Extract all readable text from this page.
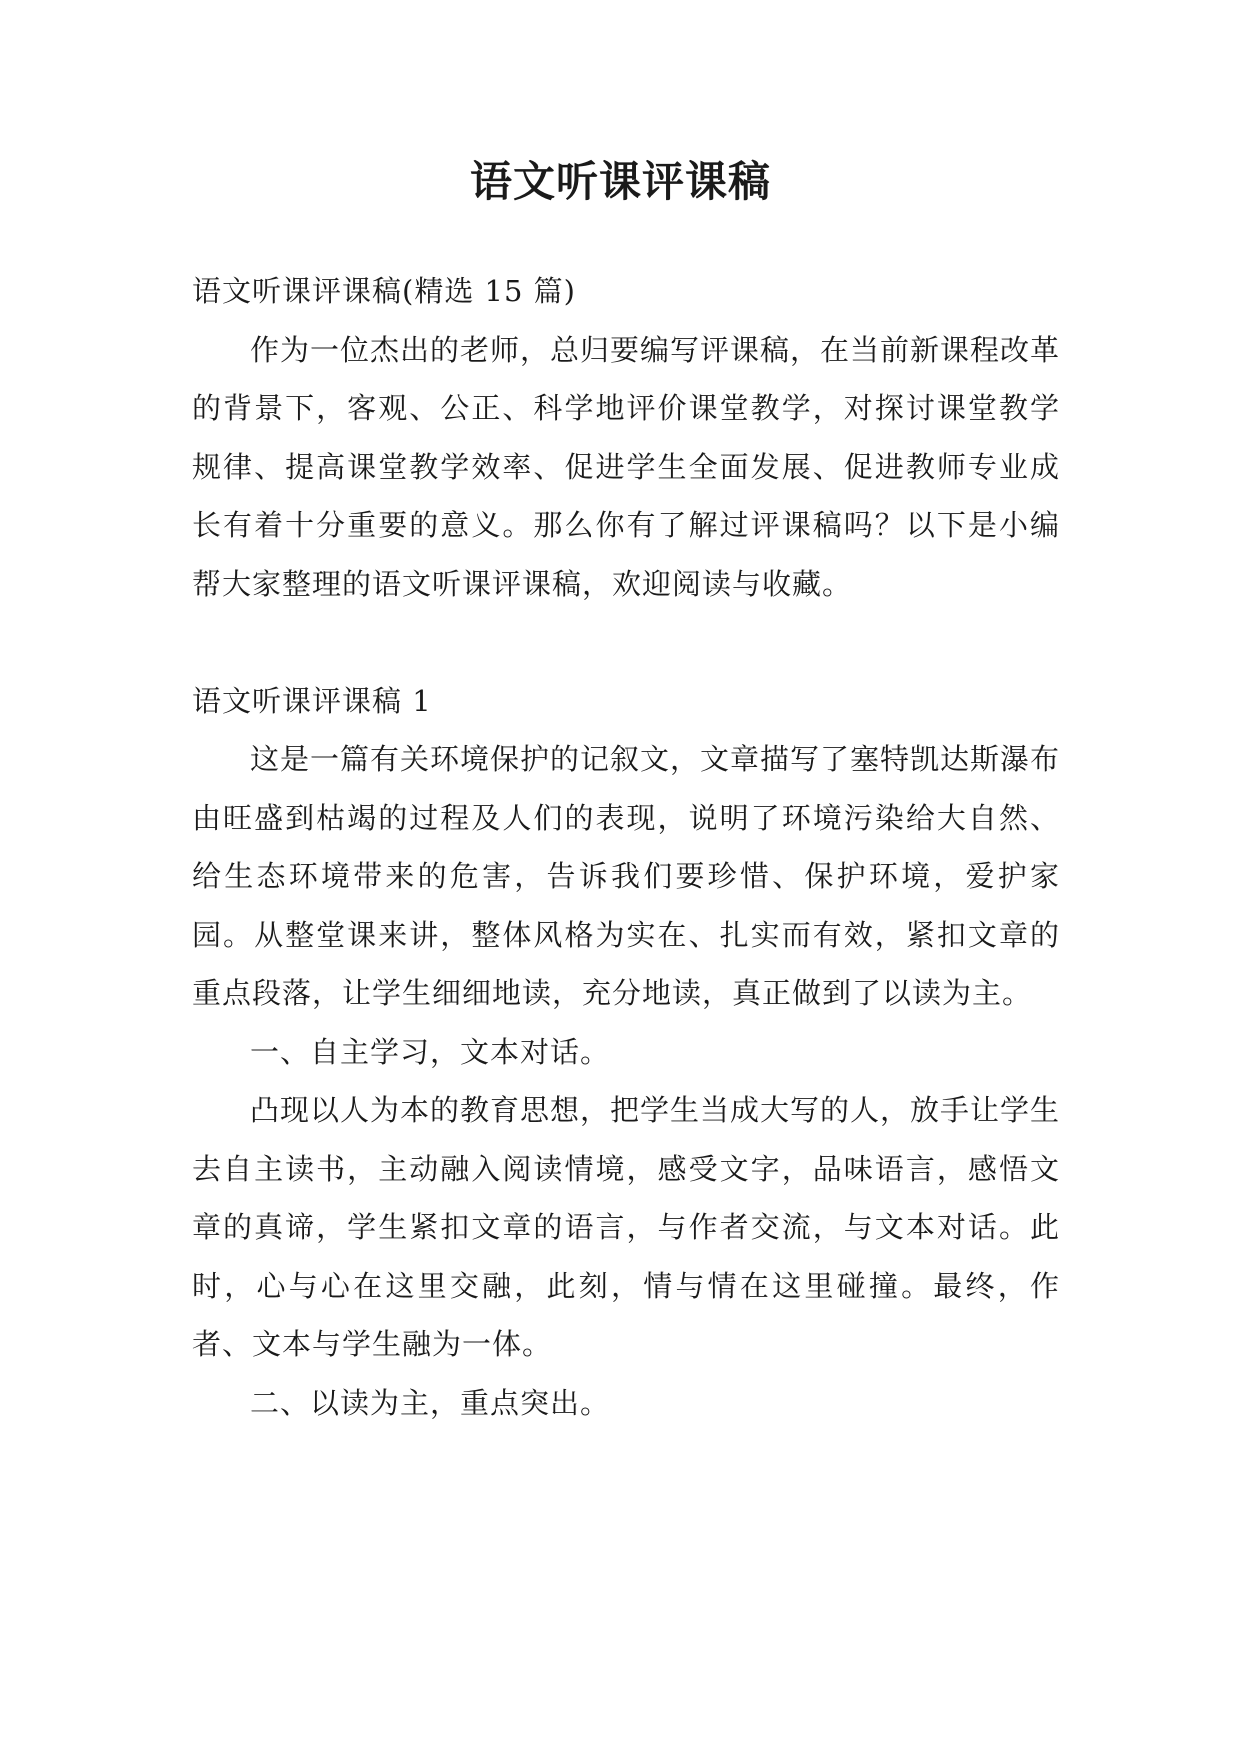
语文听课评课稿

语文听课评课稿(精选 15 篇)

作为一位杰出的老师，总归要编写评课稿，在当前新课程改革的背景下，客观、公正、科学地评价课堂教学，对探讨课堂教学规律、提高课堂教学效率、促进学生全面发展、促进教师专业成长有着十分重要的意义。那么你有了解过评课稿吗？以下是小编帮大家整理的语文听课评课稿，欢迎阅读与收藏。

语文听课评课稿 1

这是一篇有关环境保护的记叙文，文章描写了塞特凯达斯瀑布由旺盛到枯竭的过程及人们的表现，说明了环境污染给大自然、给生态环境带来的危害，告诉我们要珍惜、保护环境，爱护家园。从整堂课来讲，整体风格为实在、扎实而有效，紧扣文章的重点段落，让学生细细地读，充分地读，真正做到了以读为主。

一、自主学习，文本对话。

凸现以人为本的教育思想，把学生当成大写的人，放手让学生去自主读书，主动融入阅读情境，感受文字，品味语言，感悟文章的真谛，学生紧扣文章的语言，与作者交流，与文本对话。此时，心与心在这里交融，此刻，情与情在这里碰撞。最终，作者、文本与学生融为一体。

二、以读为主，重点突出。
